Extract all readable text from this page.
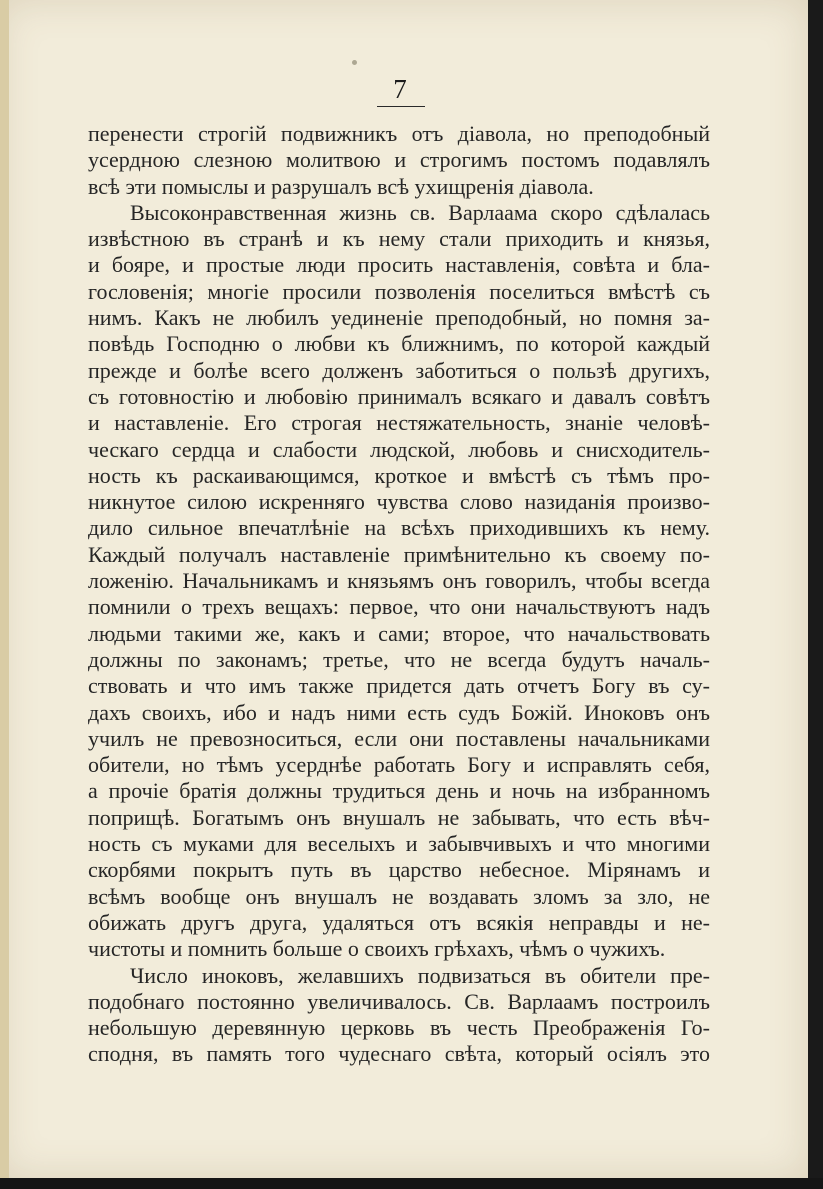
7
перенести строгій подвижникъ отъ діавола, но преподобный
усердною слезною молитвою и строгимъ постомъ подавлялъ
всѣ эти помыслы и разрушалъ всѣ ухищренія діавола.
Высоконравственная жизнь св. Варлаама скоро сдѣлалась
извѣстною въ странѣ и къ нему стали приходить и князья,
и бояре, и простые люди просить наставленія, совѣта и бла-
гословенія; многіе просили позволенія поселиться вмѣстѣ съ
нимъ. Какъ не любилъ уединеніе преподобный, но помня за-
повѣдь Господню о любви къ ближнимъ, по которой каждый
прежде и болѣе всего долженъ заботиться о пользѣ другихъ,
съ готовностію и любовію принималъ всякаго и давалъ совѣтъ
и наставленіе. Его строгая нестяжательность, знаніе человѣ-
ческаго сердца и слабости людской, любовь и снисходитель-
ность къ раскаивающимся, кроткое и вмѣстѣ съ тѣмъ про-
никнутое силою искренняго чувства слово назиданія произво-
дило сильное впечатлѣніе на всѣхъ приходившихъ къ нему.
Каждый получалъ наставленіе примѣнительно къ своему по-
ложенію. Начальникамъ и князьямъ онъ говорилъ, чтобы всегда
помнили о трехъ вещахъ: первое, что они начальствуютъ надъ
людьми такими же, какъ и сами; второе, что начальствовать
должны по законамъ; третье, что не всегда будутъ началь-
ствовать и что имъ также придется дать отчетъ Богу въ су-
дахъ своихъ, ибо и надъ ними есть судъ Божій. Иноковъ онъ
училъ не превозноситься, если они поставлены начальниками
обители, но тѣмъ усерднѣе работать Богу и исправлять себя,
а прочіе братія должны трудиться день и ночь на избранномъ
поприщѣ. Богатымъ онъ внушалъ не забывать, что есть вѣч-
ность съ муками для веселыхъ и забывчивыхъ и что многими
скорбями покрытъ путь въ царство небесное. Мірянамъ и
всѣмъ вообще онъ внушалъ не воздавать зломъ за зло, не
обижать другъ друга, удаляться отъ всякія неправды и не-
чистоты и помнить больше о своихъ грѣхахъ, чѣмъ о чужихъ.
Число иноковъ, желавшихъ подвизаться въ обители пре-
подобнаго постоянно увеличивалось. Св. Варлаамъ построилъ
небольшую деревянную церковь въ честь Преображенія Го-
сподня, въ память того чудеснаго свѣта, который осіялъ это
